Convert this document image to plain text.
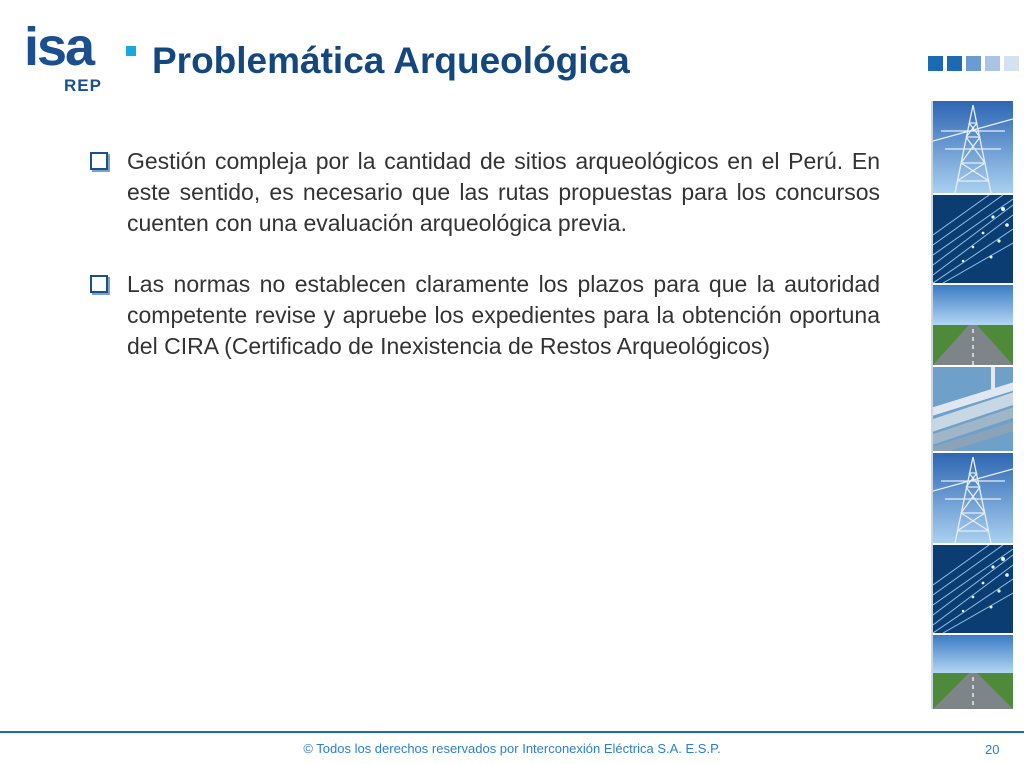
isa
REP
Problemática Arqueológica

Gestión compleja por la cantidad de sitios arqueológicos en el Perú. En este sentido, es necesario que las rutas propuestas para los concursos cuenten con una evaluación arqueológica previa.

Las normas no establecen claramente los plazos para que la autoridad competente revise y apruebe los expedientes para la obtención oportuna del CIRA (Certificado de Inexistencia de Restos Arqueológicos)

© Todos los derechos reservados por Interconexión Eléctrica S.A. E.S.P.	20
